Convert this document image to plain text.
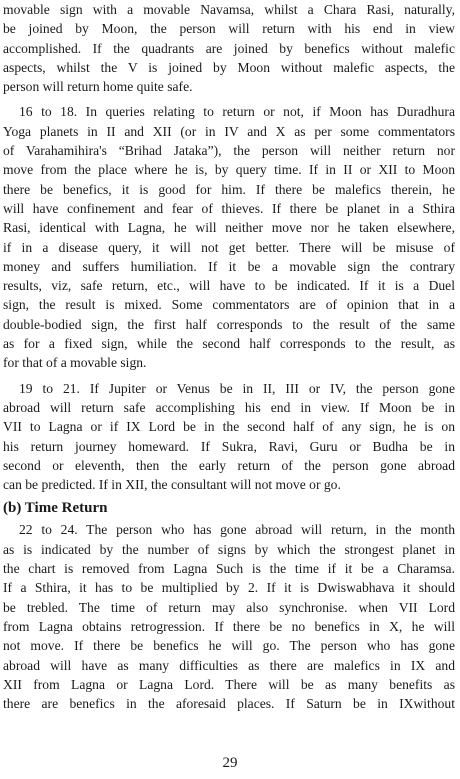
movable sign with a movable Navamsa, whilst a Chara Rasi, naturally,
be joined by Moon, the person will return with his end in view
accomplished. If the quadrants are joined by benefics without malefic
aspects, whilst the V is joined by Moon without malefic aspects, the
person will return home quite safe.
16 to 18. In queries relating to return or not, if Moon has Duradhura
Yoga planets in II and XII (or in IV and X as per some commentators
of Varahamihira's “Brihad Jataka”), the person will neither return nor
move from the place where he is, by query time. If in II or XII to Moon
there be benefics, it is good for him. If there be malefics therein, he
will have confinement and fear of thieves. If there be planet in a Sthira
Rasi, identical with Lagna, he will neither move nor he taken elsewhere,
if in a disease query, it will not get better. There will be misuse of
money and suffers humiliation. If it be a movable sign the contrary
results, viz, safe return, etc., will have to be indicated. If it is a Duel
sign, the result is mixed. Some commentators are of opinion that in a
double-bodied sign, the first half corresponds to the result of the same
as for a fixed sign, while the second half corresponds to the result, as
for that of a movable sign.
19 to 21. If Jupiter or Venus be in II, III or IV, the person gone
abroad will return safe accomplishing his end in view. If Moon be in
VII to Lagna or if IX Lord be in the second half of any sign, he is on
his return journey homeward. If Sukra, Ravi, Guru or Budha be in
second or eleventh, then the early return of the person gone abroad
can be predicted. If in XII, the consultant will not move or go.
(b) Time Return
22 to 24. The person who has gone abroad will return, in the month
as is indicated by the number of signs by which the strongest planet in
the chart is removed from Lagna Such is the time if it be a Charamsa.
If a Sthira, it has to be multiplied by 2. If it is Dwiswabhava it should
be trebled. The time of return may also synchronise. when VII Lord
from Lagna obtains retrogression. If there be no benefics in X, he will
not move. If there be benefics he will go. The person who has gone
abroad will have as many difficulties as there are malefics in IX and
XII from Lagna or Lagna Lord. There will be as many benefits as
there are benefics in the aforesaid places. If Saturn be in IXwithout
29
